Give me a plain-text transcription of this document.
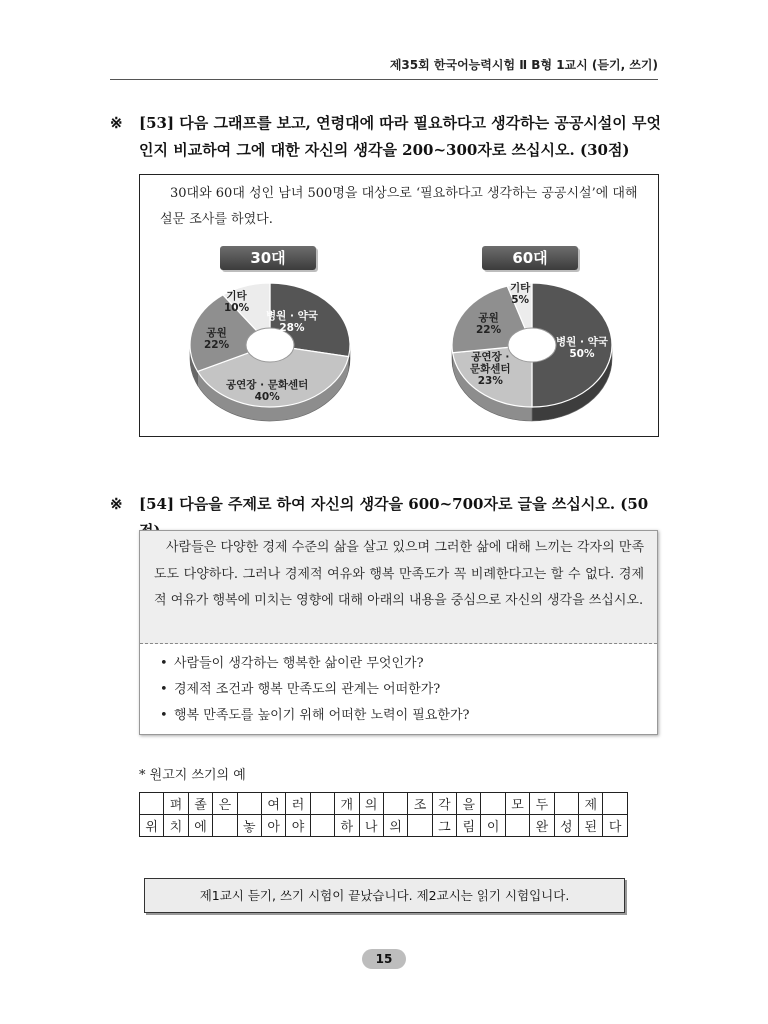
제35회 한국어능력시험 Ⅱ B형 1교시 (듣기, 쓰기)
※ [53] 다음 그래프를 보고, 연령대에 따라 필요하다고 생각하는 공공시설이 무엇인지 비교하여 그에 대한 자신의 생각을 200~300자로 쓰십시오. (30점)
30대와 60대 성인 남녀 500명을 대상으로 ‘필요하다고 생각하는 공공시설’에 대해 설문 조사를 하였다.
30대
기타
10%
병원 · 약국
28%
공원
22%
공연장 · 문화센터
40%
60대
기타
5%
공원
22%
병원 · 약국
50%
공연장 ·
문화센터
23%
※ [54] 다음을 주제로 하여 자신의 생각을 600~700자로 글을 쓰십시오. (50
사람들은 다양한 경제 수준의 삶을 살고 있으며 그러한 삶에 대해 느끼는 각자의 만족도도 다양하다. 그러나 경제적 여유와 행복 만족도가 꼭 비례한다고는 할 수 없다. 경제적 여유가 행복에 미치는 영향에 대해 아래의 내용을 중심으로 자신의 생각을 쓰십시오.
• 사람들이 생각하는 행복한 삶이란 무엇인가?
• 경제적 조건과 행복 만족도의 관계는 어떠한가?
• 행복 만족도를 높이기 위해 어떠한 노력이 필요한가?
* 원고지 쓰기의 예
	펴	졸	은		여	러		개	의		조	각	을		모	두		제	
위	치	에		놓	아	야		하	나	의		그	림	이		완	성	된	다
제1교시 듣기, 쓰기 시험이 끝났습니다. 제2교시는 읽기 시험입니다.
15
